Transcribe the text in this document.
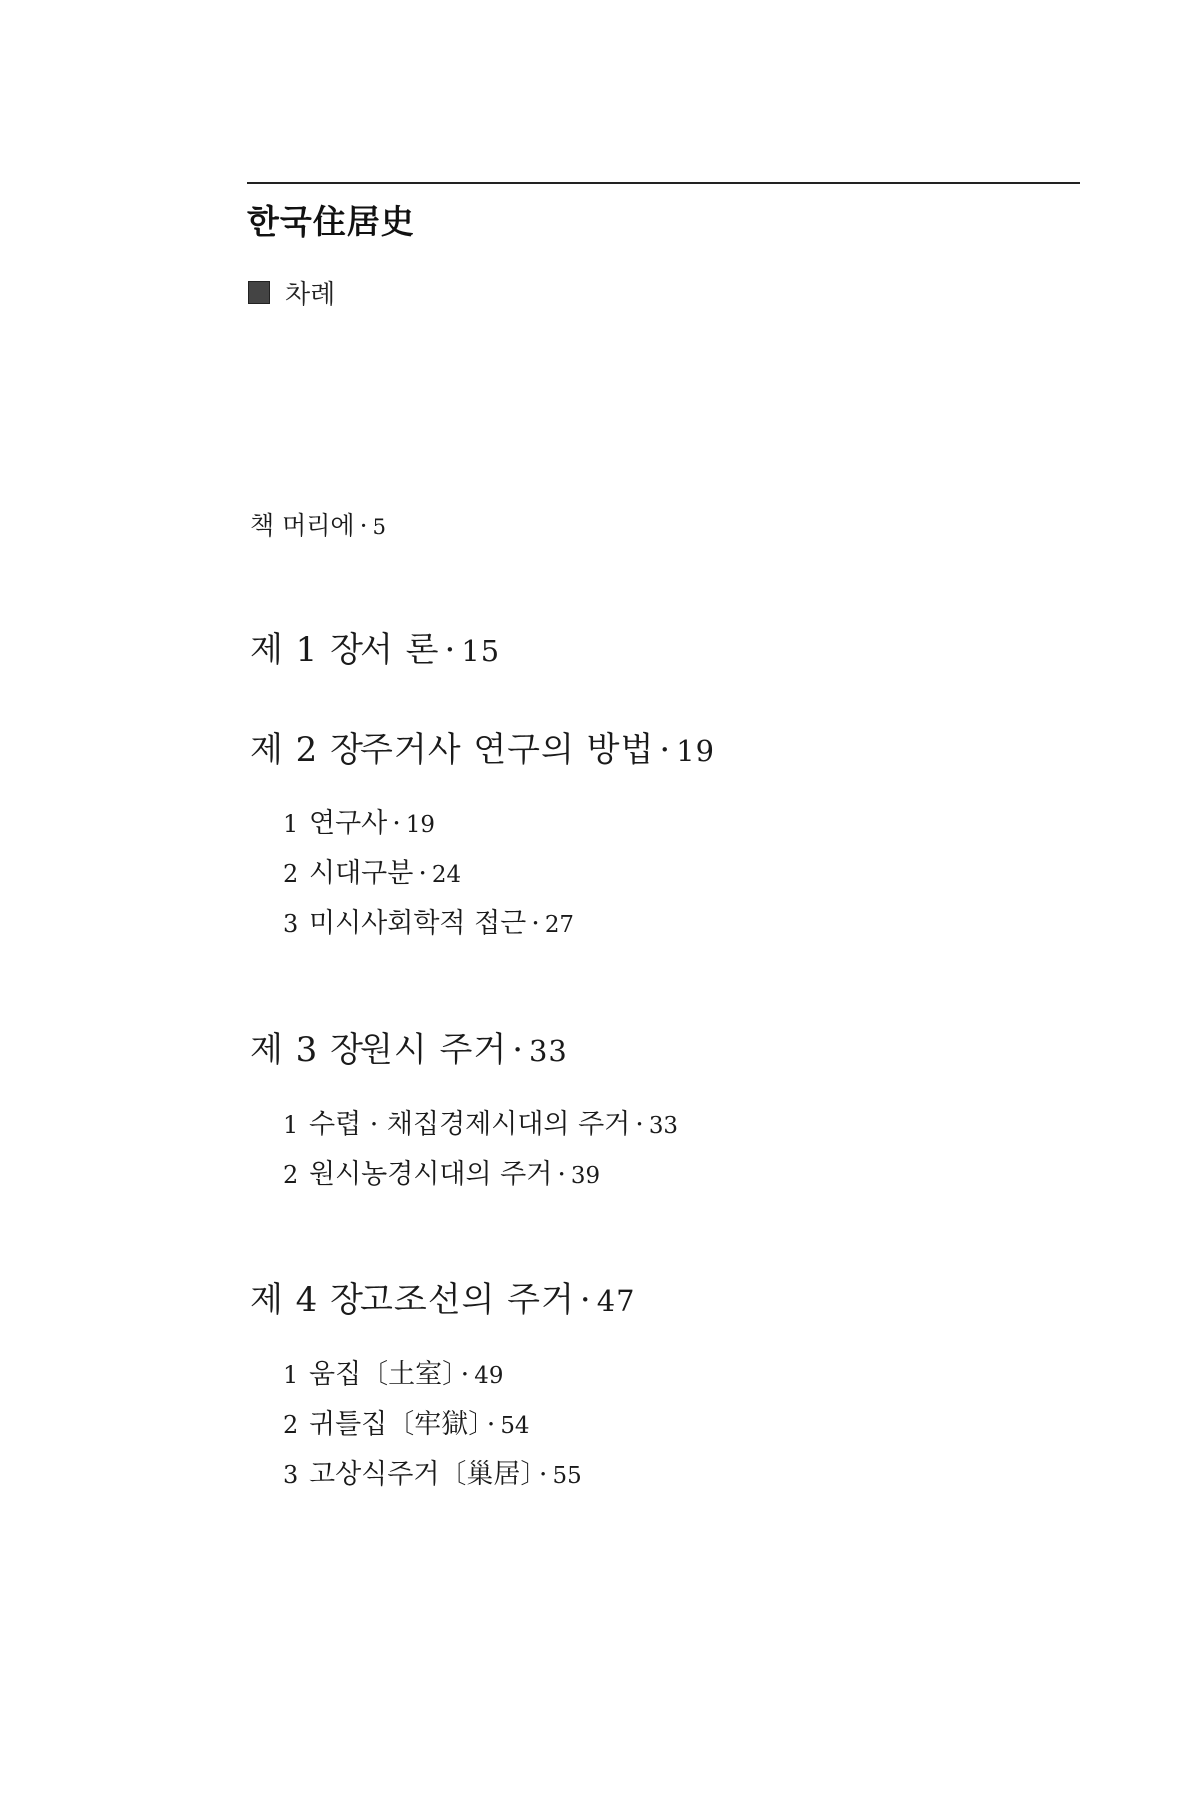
한국住居史
차례
책 머리에 · 5
제 1 장서 론 · 15
제 2 장주거사 연구의 방법 · 19
1 연구사 · 19
2 시대구분 · 24
3 미시사회학적 접근 · 27
제 3 장원시 주거 · 33
1 수렵 · 채집경제시대의 주거 · 33
2 원시농경시대의 주거 · 39
제 4 장고조선의 주거 · 47
1 움집〔土室〕 · 49
2 귀틀집〔牢獄〕 · 54
3 고상식주거〔巢居〕 · 55
